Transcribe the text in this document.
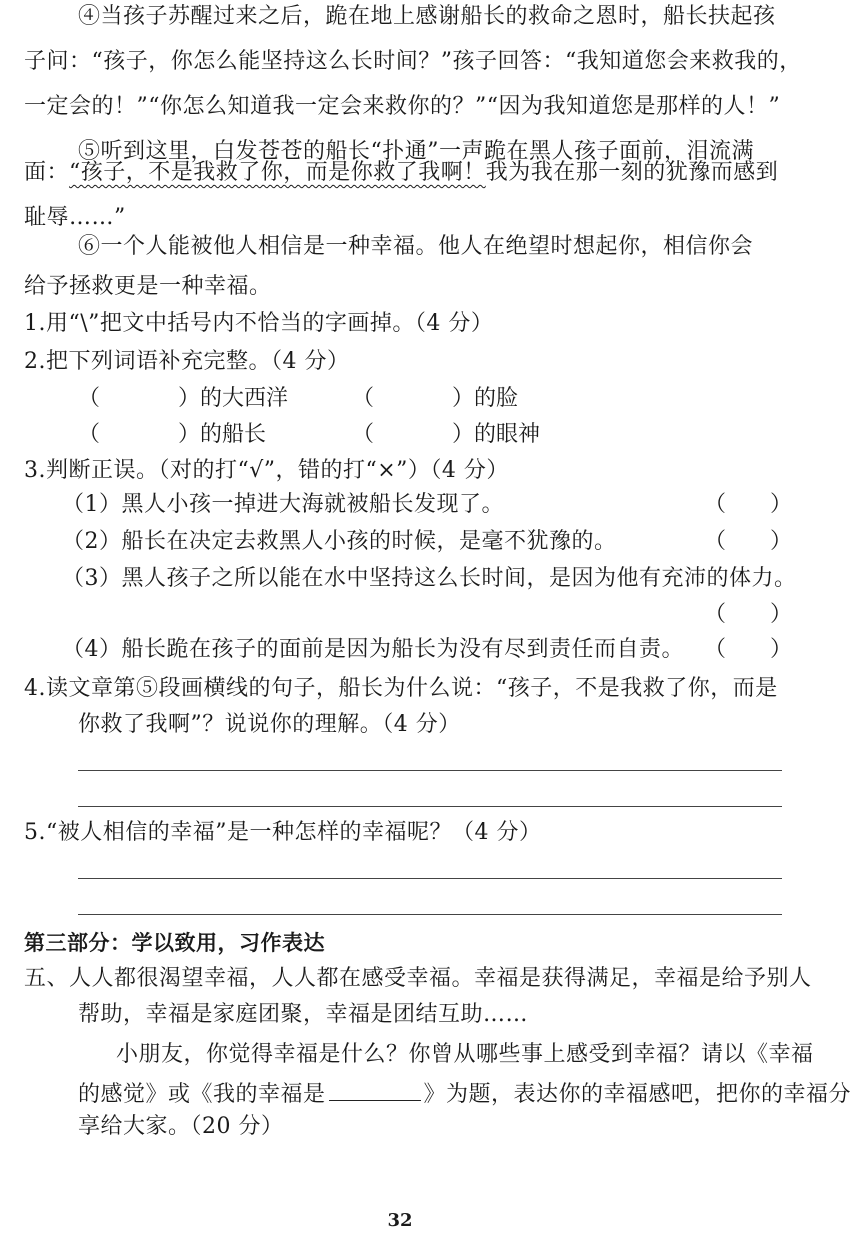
④当孩子苏醒过来之后，跪在地上感谢船长的救命之恩时，船长扶起孩
子问：“孩子，你怎么能坚持这么长时间？”孩子回答：“我知道您会来救我的，
一定会的！”“你怎么知道我一定会来救你的？”“因为我知道您是那样的人！”
⑤听到这里，白发苍苍的船长“扑通”一声跪在黑人孩子面前，泪流满
面：“孩子，不是我救了你，而是你救了我啊！我为我在那一刻的犹豫而感到
耻辱……”
⑥一个人能被他人相信是一种幸福。他人在绝望时想起你，相信你会
给予拯救更是一种幸福。
1.用“\”把文中括号内不恰当的字画掉。（4 分）
2.把下列词语补充完整。（4 分）
（	）的大西洋	（	）的脸
（	）的船长	（	）的眼神
3.判断正误。（对的打“√”，错的打“×”）（4 分）
（1）黑人小孩一掉进大海就被船长发现了。	（　　）
（2）船长在决定去救黑人小孩的时候，是毫不犹豫的。	（　　）
（3）黑人孩子之所以能在水中坚持这么长时间，是因为他有充沛的体力。
（　　）
（4）船长跪在孩子的面前是因为船长为没有尽到责任而自责。 （　　）
4.读文章第⑤段画横线的句子，船长为什么说：“孩子，不是我救了你，而是
你救了我啊”？说说你的理解。（4 分）
5.“被人相信的幸福”是一种怎样的幸福呢？（4 分）
第三部分：学以致用，习作表达
五、人人都很渴望幸福，人人都在感受幸福。幸福是获得满足，幸福是给予别人
帮助，幸福是家庭团聚，幸福是团结互助……
小朋友，你觉得幸福是什么？你曾从哪些事上感受到幸福？请以《幸福
的感觉》或《我的幸福是	》为题，表达你的幸福感吧，把你的幸福分
享给大家。（20 分）
32
